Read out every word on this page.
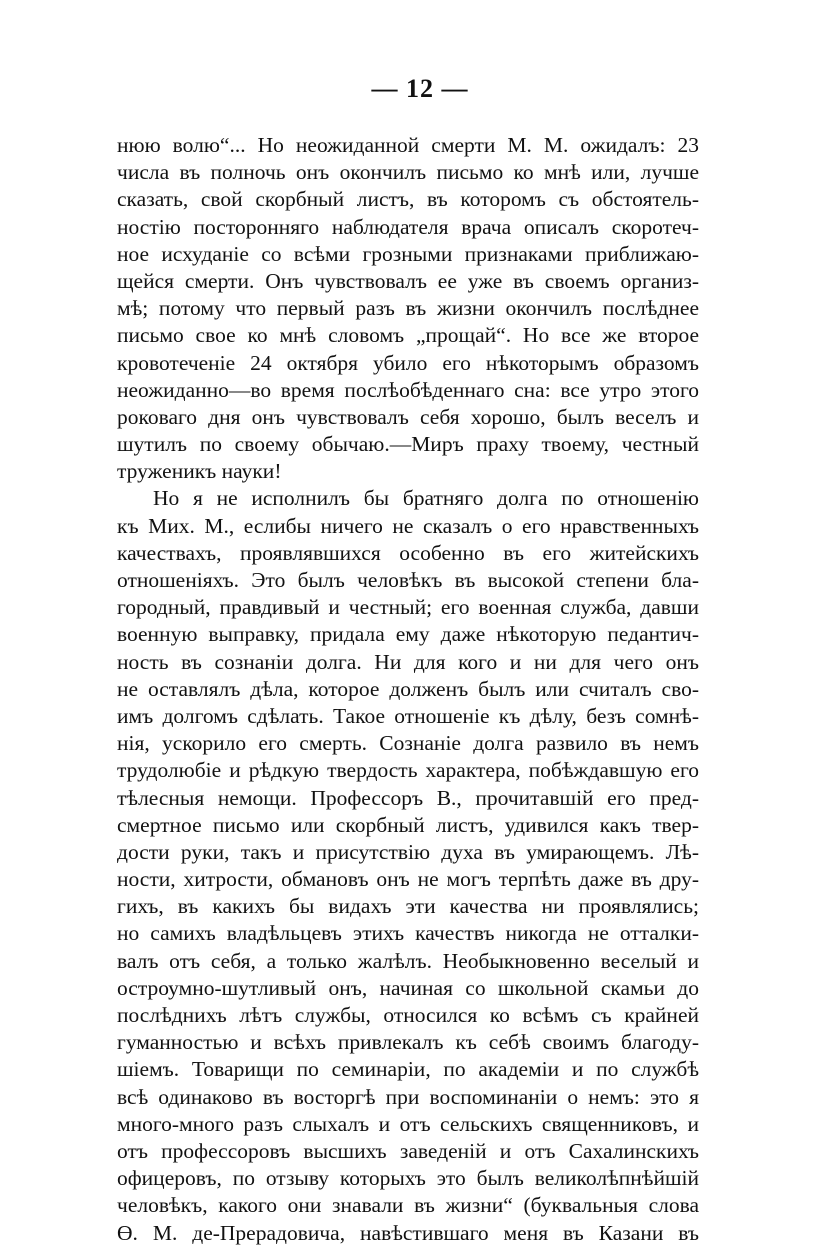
— 12 —
нюю волю“... Но неожиданной смерти М. М. ожидалъ: 23
числа въ полночь онъ окончилъ письмо ко мнѣ или, лучше
сказать, свой скорбный листъ, въ которомъ съ обстоятель-
ностію посторонняго наблюдателя врача описалъ скоротеч-
ное исхуданіе со всѣми грозными признаками приближаю-
щейся смерти. Онъ чувствовалъ ее уже въ своемъ организ-
мѣ; потому что первый разъ въ жизни окончилъ послѣднее
письмо свое ко мнѣ словомъ „прощай“. Но все же второе
кровотеченіе 24 октября убило его нѣкоторымъ образомъ
неожиданно—во время послѣобѣденнаго сна: все утро этого
роковаго дня онъ чувствовалъ себя хорошо, былъ веселъ и
шутилъ по своему обычаю.—Миръ праху твоему, честный
труженикъ науки!
Но я не исполнилъ бы братняго долга по отношенію
къ Мих. М., еслибы ничего не сказалъ о его нравственныхъ
качествахъ, проявлявшихся особенно въ его житейскихъ
отношеніяхъ. Это былъ человѣкъ въ высокой степени бла-
городный, правдивый и честный; его военная служба, давши
военную выправку, придала ему даже нѣкоторую педантич-
ность въ сознаніи долга. Ни для кого и ни для чего онъ
не оставлялъ дѣла, которое долженъ былъ или считалъ сво-
имъ долгомъ сдѣлать. Такое отношеніе къ дѣлу, безъ сомнѣ-
нія, ускорило его смерть. Сознаніе долга развило въ немъ
трудолюбіе и рѣдкую твердость характера, побѣждавшую его
тѣлесныя немощи. Профессоръ В., прочитавшій его пред-
смертное письмо или скорбный листъ, удивился какъ твер-
дости руки, такъ и присутствію духа въ умирающемъ. Лѣ-
ности, хитрости, обмановъ онъ не могъ терпѣть даже въ дру-
гихъ, въ какихъ бы видахъ эти качества ни проявлялись;
но самихъ владѣльцевъ этихъ качествъ никогда не отталки-
валъ отъ себя, а только жалѣлъ. Необыкновенно веселый и
остроумно-шутливый онъ, начиная со школьной скамьи до
послѣднихъ лѣтъ службы, относился ко всѣмъ съ крайней
гуманностью и всѣхъ привлекалъ къ себѣ своимъ благоду-
шіемъ. Товарищи по семинаріи, по академіи и по службѣ
всѣ одинаково въ восторгѣ при воспоминаніи о немъ: это я
много-много разъ слыхалъ и отъ сельскихъ священниковъ, и
отъ профессоровъ высшихъ заведеній и отъ Сахалинскихъ
офицеровъ, по отзыву которыхъ это былъ великолѣпнѣйшій
человѣкъ, какого они знавали въ жизни“ (буквальныя слова
Ө. М. де-Прерадовича, навѣстившаго меня въ Казани въ
